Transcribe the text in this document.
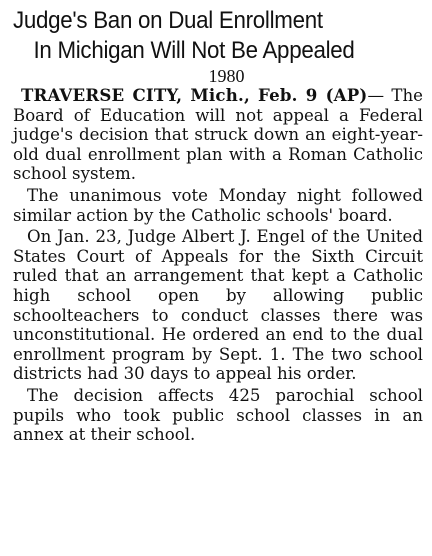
Judge's Ban on Dual Enrollment
In Michigan Will Not Be Appealed
1980

TRAVERSE CITY, Mich., Feb. 9 (AP)— The Board of Education will not appeal a Federal judge's decision that struck down an eight-year-old dual enrollment plan with a Roman Catholic school system.

The unanimous vote Monday night followed similar action by the Catholic schools' board.

On Jan. 23, Judge Albert J. Engel of the United States Court of Appeals for the Sixth Circuit ruled that an arrangement that kept a Catholic high school open by allowing public schoolteachers to conduct classes there was unconstitutional. He ordered an end to the dual enrollment program by Sept. 1. The two school districts had 30 days to appeal his order.

The decision affects 425 parochial school pupils who took public school classes in an annex at their school.
